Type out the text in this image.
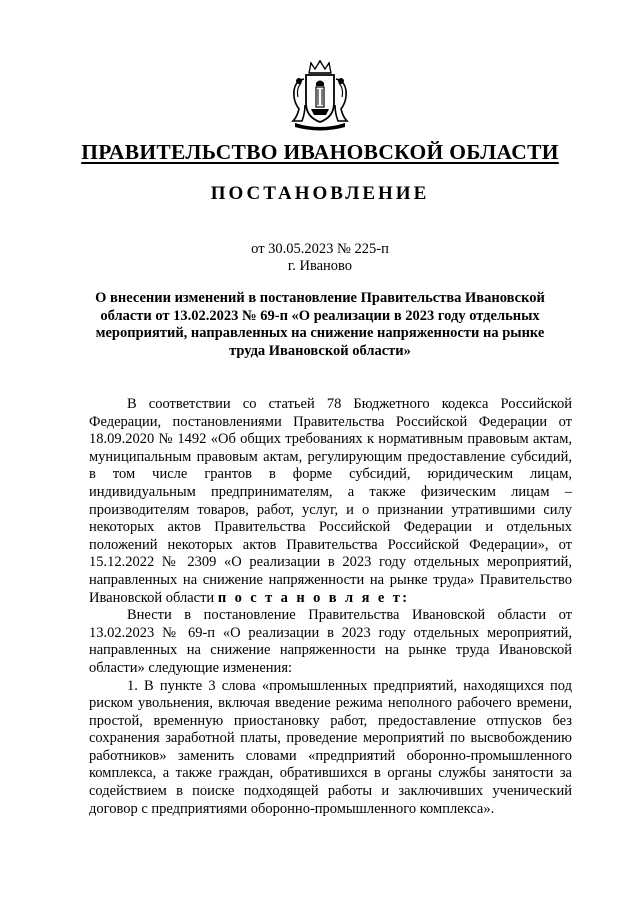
ПРАВИТЕЛЬСТВО ИВАНОВСКОЙ ОБЛАСТИ
ПОСТАНОВЛЕНИЕ
от 30.05.2023 № 225-п
г. Иваново
О внесении изменений в постановление Правительства Ивановской области от 13.02.2023 № 69-п «О реализации в 2023 году отдельных мероприятий, направленных на снижение напряженности на рынке труда Ивановской области»

В соответствии со статьей 78 Бюджетного кодекса Российской Федерации, постановлениями Правительства Российской Федерации от 18.09.2020 № 1492 «Об общих требованиях к нормативным правовым актам, муниципальным правовым актам, регулирующим предоставление субсидий, в том числе грантов в форме субсидий, юридическим лицам, индивидуальным предпринимателям, а также физическим лицам – производителям товаров, работ, услуг, и о признании утратившими силу некоторых актов Правительства Российской Федерации и отдельных положений некоторых актов Правительства Российской Федерации», от 15.12.2022 № 2309 «О реализации в 2023 году отдельных мероприятий, направленных на снижение напряженности на рынке труда» Правительство Ивановской области п о с т а н о в л я е т:

Внести в постановление Правительства Ивановской области от 13.02.2023 № 69-п «О реализации в 2023 году отдельных мероприятий, направленных на снижение напряженности на рынке труда Ивановской области» следующие изменения:

1. В пункте 3 слова «промышленных предприятий, находящихся под риском увольнения, включая введение режима неполного рабочего времени, простой, временную приостановку работ, предоставление отпусков без сохранения заработной платы, проведение мероприятий по высвобождению работников» заменить словами «предприятий оборонно-промышленного комплекса, а также граждан, обратившихся в органы службы занятости за содействием в поиске подходящей работы и заключивших ученический договор с предприятиями оборонно-промышленного комплекса».
